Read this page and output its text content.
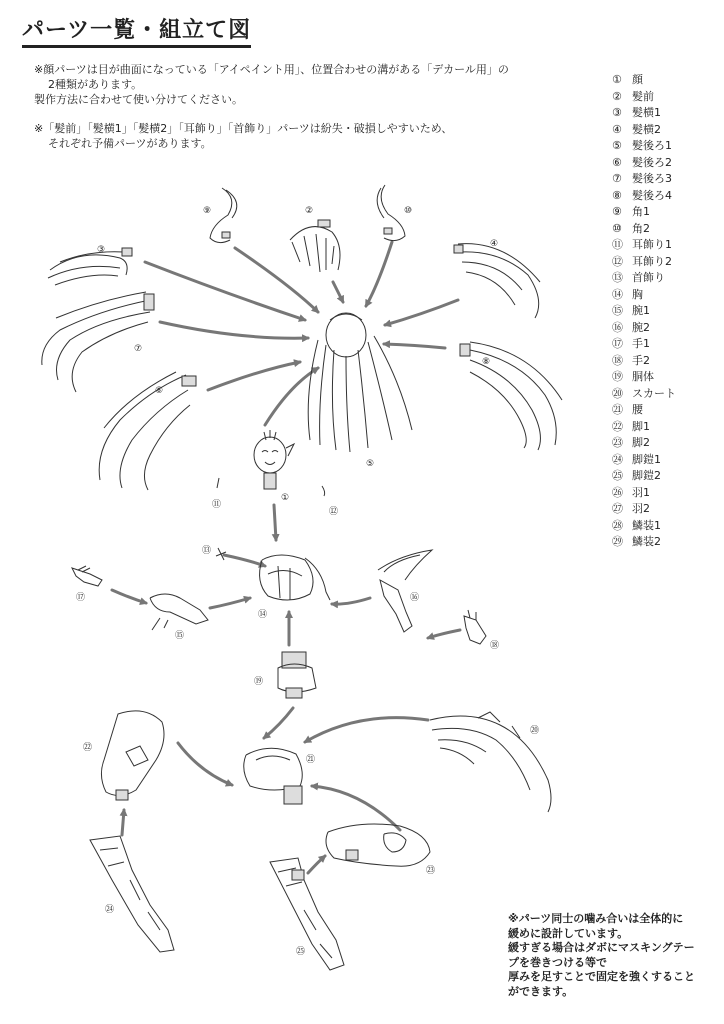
パーツ一覧・組立て図

※顔パーツは目が曲面になっている「アイペイント用」、位置合わせの溝がある「デカール用」の

2種類があります。

製作方法に合わせて使い分けてください。

※「髪前」「髪横1」「髪横2」「耳飾り」「首飾り」パーツは紛失・破損しやすいため、

それぞれ予備パーツがあります。

① 顔
② 髪前
③ 髪横1
④ 髪横2
⑤ 髪後ろ1
⑥ 髪後ろ2
⑦ 髪後ろ3
⑧ 髪後ろ4
⑨ 角1
⑩ 角2
⑪ 耳飾り1
⑫ 耳飾り2
⑬ 首飾り
⑭ 胸
⑮ 腕1
⑯ 腕2
⑰ 手1
⑱ 手2
⑲ 胴体
⑳ スカート
㉑ 腰
㉒ 脚1
㉓ 脚2
㉔ 脚鎧1
㉕ 脚鎧2
㉖ 羽1
㉗ 羽2
㉘ 鱗装1
㉙ 鱗装2
①
②
③
④
⑤
⑥
⑦
⑧
⑨	⑩
⑪
⑫
⑬
⑭
⑮
⑯
⑰
⑱
⑲
⑳
㉑
㉒
㉓
㉔
㉕

※パーツ同士の噛み合いは全体的に

緩めに設計しています。

緩すぎる場合はダボにマスキングテー

プを巻きつける等で

厚みを足すことで固定を強くすること

ができます。
